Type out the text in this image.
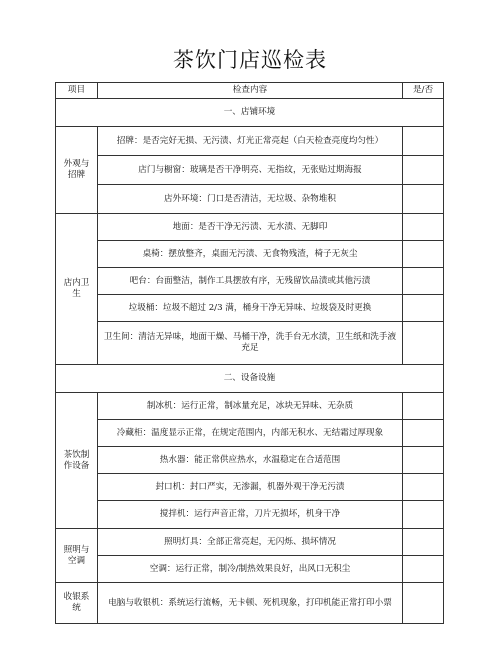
茶饮门店巡检表
项目	检查内容	是/否
一、店铺环境		
外观与
招牌	招牌：是否完好无损、无污渍、灯光正常亮起（白天检查亮度均匀性）	
	店门与橱窗：玻璃是否干净明亮、无指纹，无张贴过期海报	
	店外环境：门口是否清洁，无垃圾、杂物堆积	
店内卫
生	地面：是否干净无污渍、无水渍、无脚印	
	桌椅：摆放整齐，桌面无污渍、无食物残渣，椅子无灰尘	
	吧台：台面整洁，制作工具摆放有序，无残留饮品渍或其他污渍	
	垃圾桶：垃圾不超过 2/3 满，桶身干净无异味、垃圾袋及时更换	
	卫生间：清洁无异味，地面干燥、马桶干净，洗手台无水渍，卫生纸和洗手液充足	
二、设备设施		
茶饮制
作设备	制冰机：运行正常，制冰量充足，冰块无异味、无杂质	
	冷藏柜：温度显示正常，在规定范围内，内部无积水、无结霜过厚现象	
	热水器：能正常供应热水，水温稳定在合适范围	
	封口机：封口严实，无渗漏，机器外观干净无污渍	
	搅拌机：运行声音正常，刀片无损坏，机身干净	
照明与
空调	照明灯具：全部正常亮起，无闪烁、损坏情况	
	空调：运行正常，制冷/制热效果良好，出风口无积尘	
收银系
统	电脑与收银机：系统运行流畅，无卡顿、死机现象，打印机能正常打印小票	
